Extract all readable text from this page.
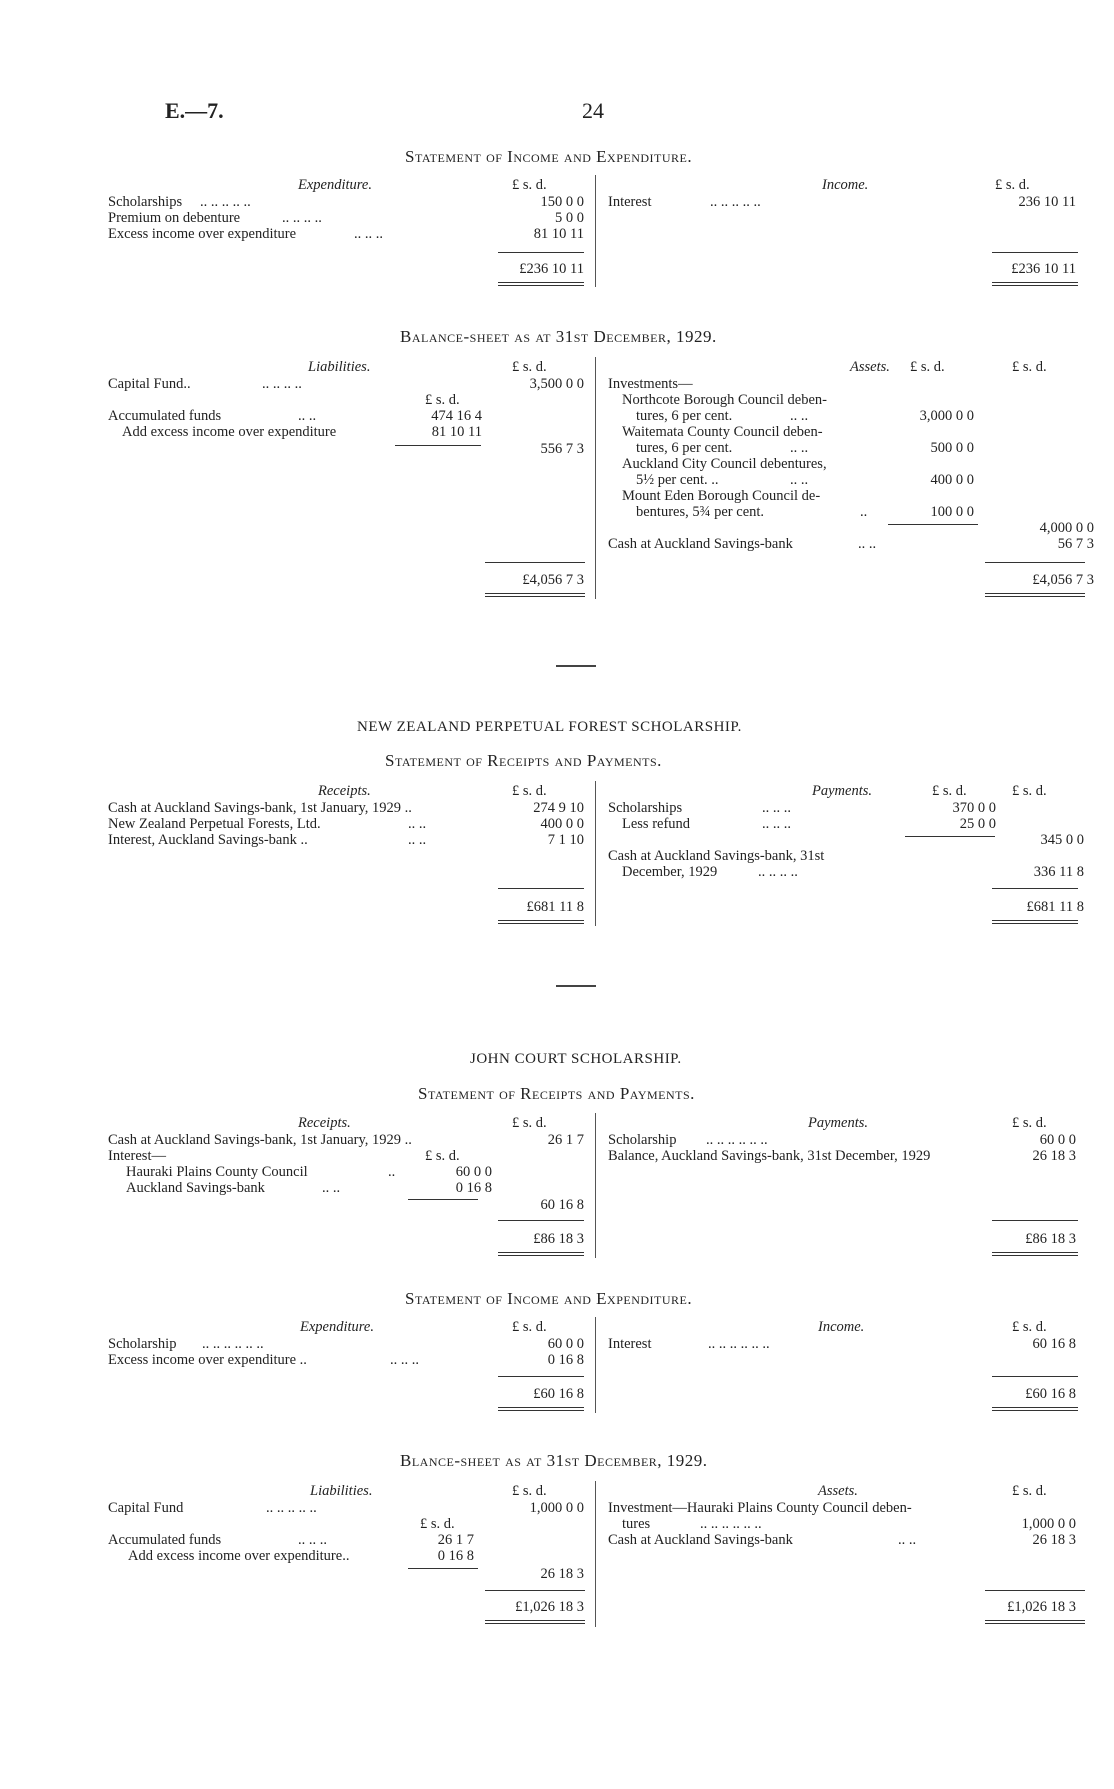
E.—7.	24
Statement of Income and Expenditure.
Expenditure.	£ s. d.	Income.	£ s. d.
Scholarships .. .. .. .. ..	150 0 0
Premium on debenture	.. .. .. ..	5 0 0
Excess income over expenditure	.. .. ..	81 10 11
Interest	.. .. .. .. ..	236 10 11
£236 10 11	£236 10 11
Balance-sheet as at 31st December, 1929.
Liabilities.	£ s. d.	Assets. £ s. d.	£ s. d.
Capital Fund..	.. .. .. ..	3,500 0 0
£ s. d.
Accumulated funds	.. ..	474 16 4
Add excess income over expenditure	81 10 11
556 7 3
Investments—
Northcote Borough Council deben-
tures, 6 per cent.	.. ..	3,000 0 0
Waitemata County Council deben-
tures, 6 per cent.	.. ..	500 0 0
Auckland City Council debentures,
5½ per cent. ..	.. ..	400 0 0
Mount Eden Borough Council de-
bentures, 5¾ per cent.	..	100 0 0
4,000 0 0
Cash at Auckland Savings-bank	.. ..	56 7 3
£4,056 7 3	£4,056 7 3
NEW ZEALAND PERPETUAL FOREST SCHOLARSHIP.
Statement of Receipts and Payments.
Receipts.	£ s. d.	Payments.	£ s. d.	£ s. d.
Cash at Auckland Savings-bank, 1st January, 1929 ..	274 9 10
New Zealand Perpetual Forests, Ltd.	.. ..	400 0 0
Interest, Auckland Savings-bank ..	.. ..	7 1 10
Scholarships	.. .. ..	370 0 0
Less refund	.. .. ..	25 0 0
345 0 0
Cash at Auckland Savings-bank, 31st
December, 1929	.. .. .. ..	336 11 8
£681 11 8	£681 11 8
JOHN COURT SCHOLARSHIP.
Statement of Receipts and Payments.
Receipts.	£ s. d.	Payments.	£ s. d.
Cash at Auckland Savings-bank, 1st January, 1929 ..	26 1 7
Interest—	£ s. d.
Hauraki Plains County Council	..	60 0 0
Auckland Savings-bank	.. ..	0 16 8
60 16 8
Scholarship .. .. .. .. .. ..	60 0 0
Balance, Auckland Savings-bank, 31st December, 1929	26 18 3
£86 18 3	£86 18 3
Statement of Income and Expenditure.
Expenditure.	£ s. d.	Income.	£ s. d.
Scholarship .. .. .. .. .. ..	60 0 0
Excess income over expenditure ..	.. .. ..	0 16 8
Interest	.. .. .. .. .. ..	60 16 8
£60 16 8	£60 16 8
Blance-sheet as at 31st December, 1929.
Liabilities.	£ s. d.	Assets.	£ s. d.
Capital Fund	.. .. .. .. ..	1,000 0 0
£ s. d.
Accumulated funds	.. .. ..	26 1 7
Add excess income over expenditure..	0 16 8
26 18 3
Investment—Hauraki Plains County Council deben-
tures	.. .. .. .. .. ..	1,000 0 0
Cash at Auckland Savings-bank	.. ..	26 18 3
£1,026 18 3	£1,026 18 3
